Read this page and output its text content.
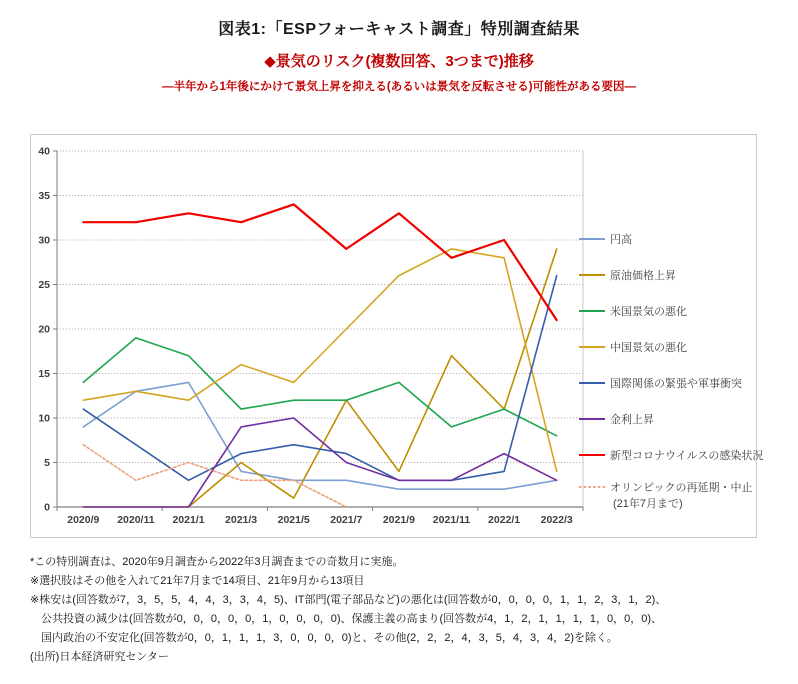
図表1:「ESPフォーキャスト調査」特別調査結果
◆景気のリスク(複数回答、3つまで)推移
―半年から1年後にかけて景気上昇を抑える(あるいは景気を反転させる)可能性がある要因―
0
5
10
15
20
25
30
35
40
2020/9 2020/11 2021/1 2021/3 2021/5 2021/7 2021/9 2021/11 2022/1 2022/3
円高
原油価格上昇
米国景気の悪化
中国景気の悪化
国際関係の緊張や軍事衝突
金利上昇
新型コロナウイルスの感染状況
オリンピックの再延期・中止
(21年7月まで)
*この特別調査は、2020年9月調査から2022年3月調査までの奇数月に実施。
※選択肢はその他を入れて21年7月まで14項目、21年9月から13項目
※株安は(回答数が7，3，5，5，4，4，3，3，4，5)、IT部門(電子部品など)の悪化は(回答数が0，0，0，0，1，1，2，3，1，2)、
公共投資の減少は(回答数が0，0，0，0，0，1，0，0，0，0)、保護主義の高まり(回答数が4，1，2，1，1，1，1，0，0，0)、
国内政治の不安定化(回答数が0，0，1，1，1，3，0，0，0，0)と、その他(2，2，2，4，3，5，4，3，4，2)を除く。
(出所)日本経済研究センター
